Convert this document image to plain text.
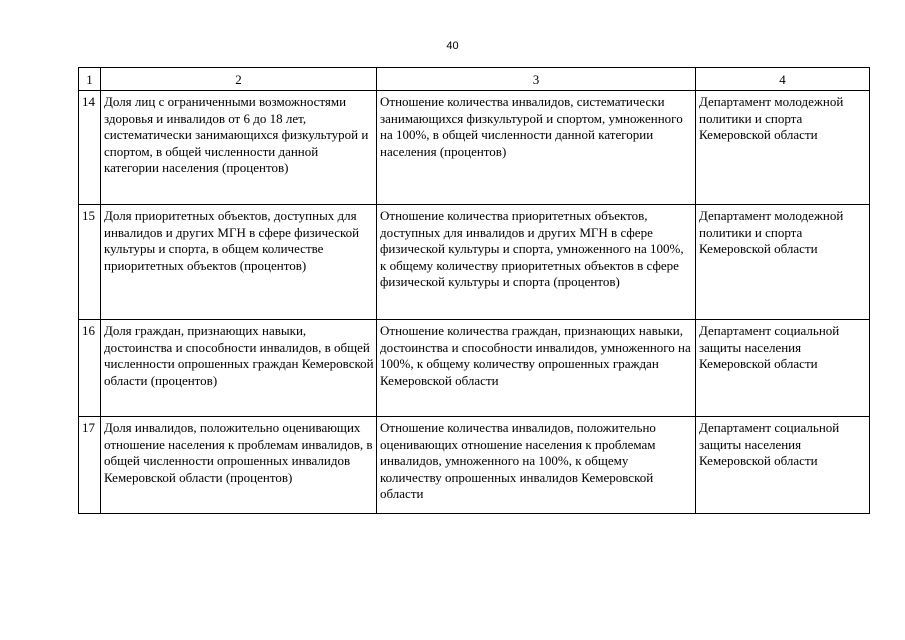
40
1	2	3	4
14	Доля лиц с ограниченными возможностями здоровья и инвалидов от 6 до 18 лет, систематически занимающихся физкультурой и спортом, в общей численности данной категории населения (процентов)	Отношение количества инвалидов, систематически занимающихся физкультурой и спортом, умноженного на 100%, в общей численности данной категории населения (процентов)	Департамент молодежной политики и спорта Кемеровской области
15	Доля приоритетных объектов, доступных для инвалидов и других МГН в сфере физической культуры и спорта, в общем количестве приоритетных объектов (процентов)	Отношение количества приоритетных объектов, доступных для инвалидов и других МГН в сфере физической культуры и спорта, умноженного на 100%, к общему количеству приоритетных объектов в сфере физической культуры и спорта (процентов)	Департамент молодежной политики и спорта Кемеровской области
16	Доля граждан, признающих навыки, достоинства и способности инвалидов, в общей численности опрошенных граждан Кемеровской области (процентов)	Отношение количества граждан, признающих навыки, достоинства и способности инвалидов, умноженного на 100%, к общему количеству опрошенных граждан Кемеровской области	Департамент социальной защиты населения Кемеровской области
17	Доля инвалидов, положительно оценивающих отношение населения к проблемам инвалидов, в общей численности опрошенных инвалидов Кемеровской области (процентов)	Отношение количества инвалидов, положительно оценивающих отношение населения к проблемам инвалидов, умноженного на 100%, к общему количеству опрошенных инвалидов Кемеровской области	Департамент социальной защиты населения Кемеровской области
